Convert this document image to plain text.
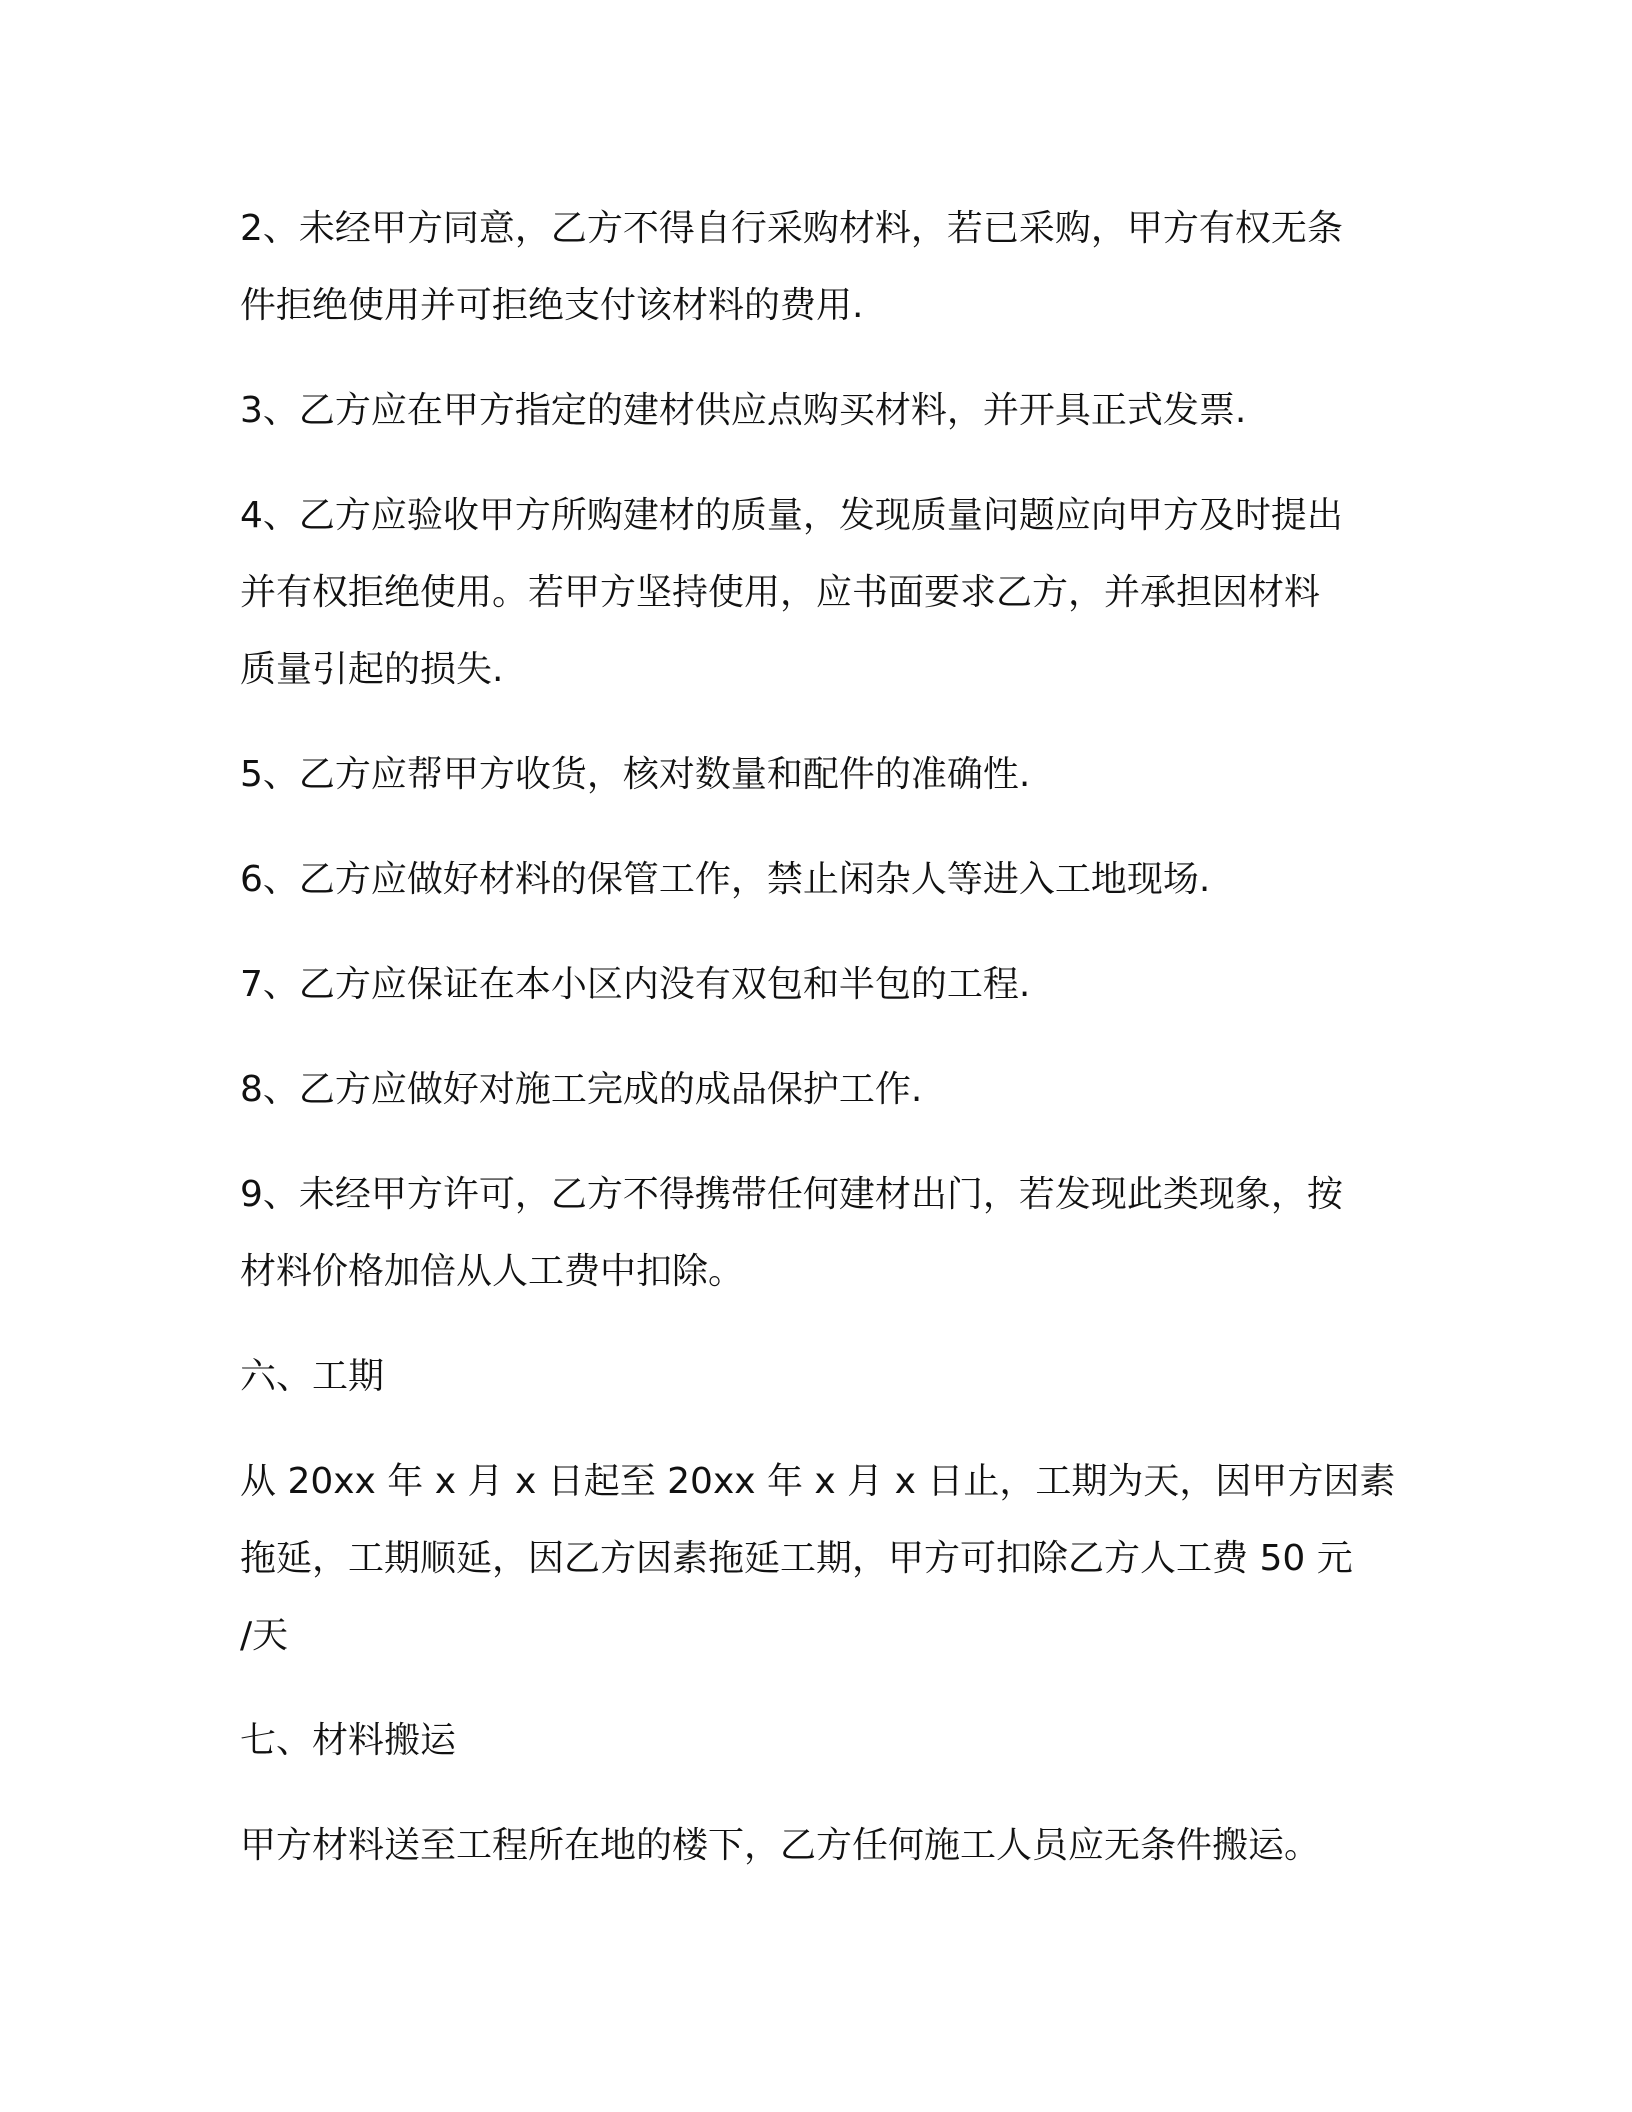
2、未经甲方同意，乙方不得自行采购材料，若已采购，甲方有权无条
件拒绝使用并可拒绝支付该材料的费用.

3、乙方应在甲方指定的建材供应点购买材料，并开具正式发票.

4、乙方应验收甲方所购建材的质量，发现质量问题应向甲方及时提出
并有权拒绝使用。若甲方坚持使用，应书面要求乙方，并承担因材料
质量引起的损失.

5、乙方应帮甲方收货，核对数量和配件的准确性.

6、乙方应做好材料的保管工作，禁止闲杂人等进入工地现场.

7、乙方应保证在本小区内没有双包和半包的工程.

8、乙方应做好对施工完成的成品保护工作.

9、未经甲方许可，乙方不得携带任何建材出门，若发现此类现象，按
材料价格加倍从人工费中扣除。

六、工期

从 20xx 年 x 月 x 日起至 20xx 年 x 月 x 日止，工期为天，因甲方因素
拖延，工期顺延，因乙方因素拖延工期，甲方可扣除乙方人工费 50 元
/天

七、材料搬运

甲方材料送至工程所在地的楼下，乙方任何施工人员应无条件搬运。
